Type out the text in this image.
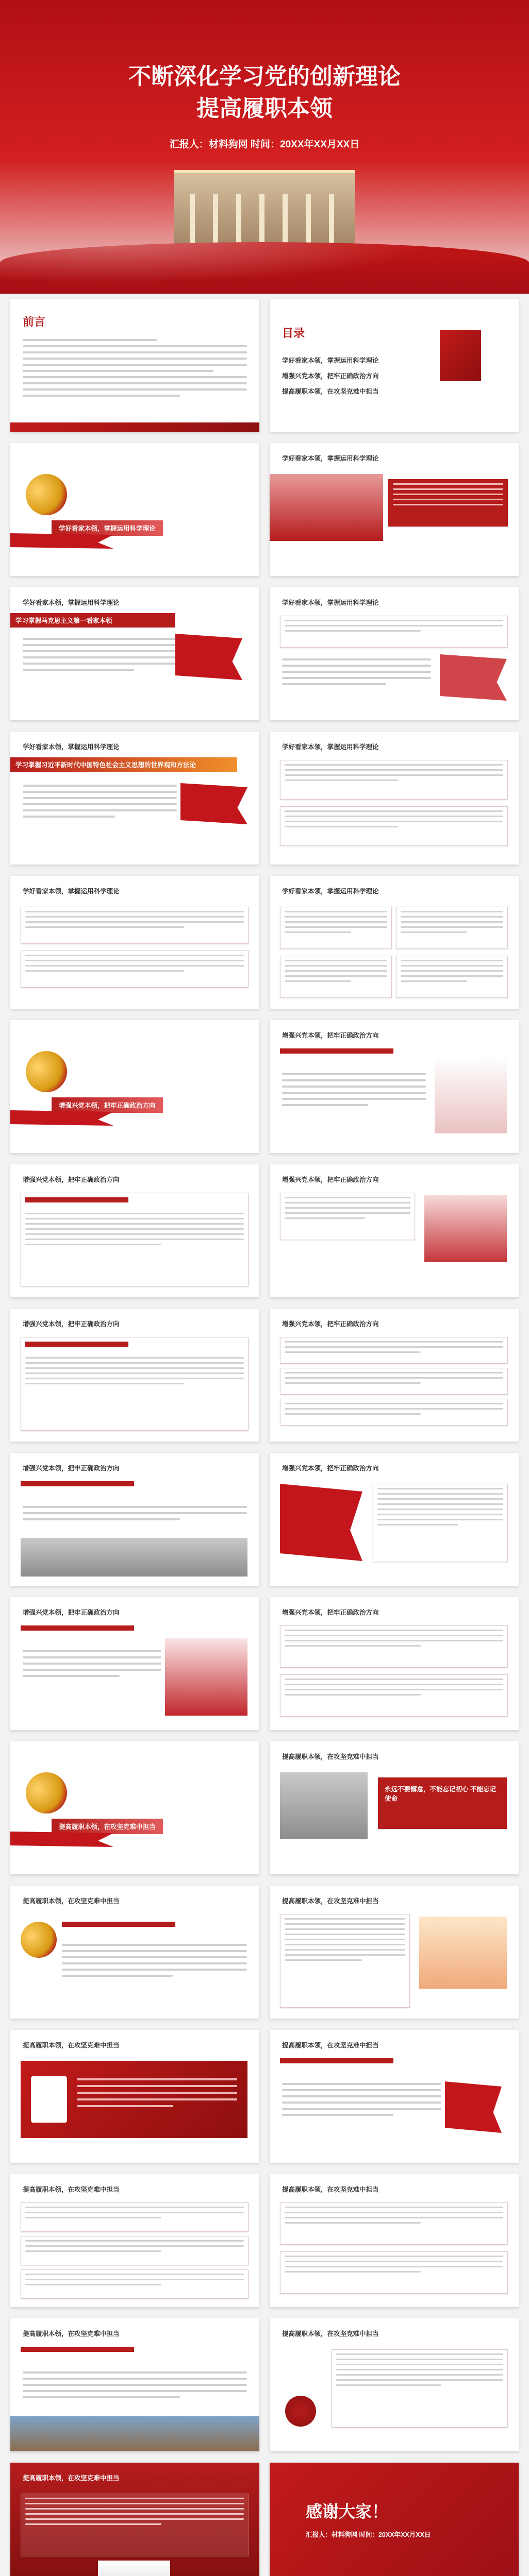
不断深化学习党的创新理论
提高履职本领
汇报人：材料狗网 时间：20XX年XX月XX日
前言
目录
学好看家本领，掌握运用科学理论
增强兴党本领，把牢正确政治方向
提高履职本领，在攻坚克难中担当
学好看家本领，掌握运用科学理论
学好看家本领，掌握运用科学理论
学好看家本领，掌握运用科学理论
学习掌握马克思主义第一看家本领
学好看家本领，掌握运用科学理论
学好看家本领，掌握运用科学理论
学习掌握习近平新时代中国特色社会主义思想的世界观和方法论
学好看家本领，掌握运用科学理论
学好看家本领，掌握运用科学理论	学好看家本领，掌握运用科学理论
增强兴党本领，把牢正确政治方向
增强兴党本领，把牢正确政治方向
增强兴党本领，把牢正确政治方向	增强兴党本领，把牢正确政治方向
增强兴党本领，把牢正确政治方向	增强兴党本领，把牢正确政治方向
增强兴党本领，把牢正确政治方向	增强兴党本领，把牢正确政治方向
增强兴党本领，把牢正确政治方向	增强兴党本领，把牢正确政治方向
提高履职本领，在攻坚克难中担当
提高履职本领，在攻坚克难中担当
永远不要懈怠，不能忘记初心 不能忘记使命
提高履职本领，在攻坚克难中担当	提高履职本领，在攻坚克难中担当
提高履职本领，在攻坚克难中担当	提高履职本领，在攻坚克难中担当
提高履职本领，在攻坚克难中担当	提高履职本领，在攻坚克难中担当
提高履职本领，在攻坚克难中担当	提高履职本领，在攻坚克难中担当
提高履职本领，在攻坚克难中担当
感谢大家！
汇报人：材料狗网 时间：20XX年XX月XX日
